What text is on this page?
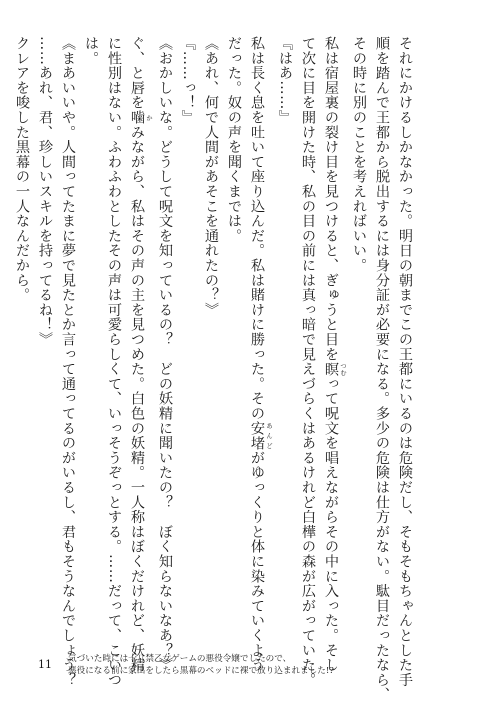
それにかけるしかなかった。明日の朝までこの王都にいるのは危険だし、そもそもちゃんとした手

順を踏んで王都から脱出するには身分証が必要になる。多少の危険は仕方がない。駄目だったなら、

その時に別のことを考えればいい。

私は宿屋裏の裂け目を見つけると、ぎゅうと目を瞑 つむって呪文を唱えながらその中に入った。そし

て次に目を開けた時、私の目の前には真っ暗で見えづらくはあるけれど白樺の森が広がっていた。

『はあ……』

私は長く息を吐いて座り込んだ。私は賭けに勝った。その安堵 あんどがゆっくりと体に染みていくよう

だった。奴の声を聞くまでは。

《あれ、何で人間があそこを通れたの？》

『……っ！』

《おかしいな。どうして呪文を知っているの？　どの妖精に聞いたの？　ぼく知らないなあ？》

ぐ、と唇を噛 かみながら、私はその声の主を見つめた。白色の妖精。一人称はぼくだけれど、妖精

に性別はない。ふわふわとしたその声は可愛らしくて、いっそうぞっとする。……だって、こいつ

は。

《まあいいや。人間ってたまに夢で見たとか言って通ってるのがいるし、君もそうなんでしょう？

……あれ、君、珍しいスキルを持ってるね！》

クレアを唆した黒幕の一人なんだから。

11 気づいた時には十八禁乙女ゲームの悪役令嬢でしたので、
悪役になる前に家出をしたら黒幕のベッドに裸で放り込まれました!?
